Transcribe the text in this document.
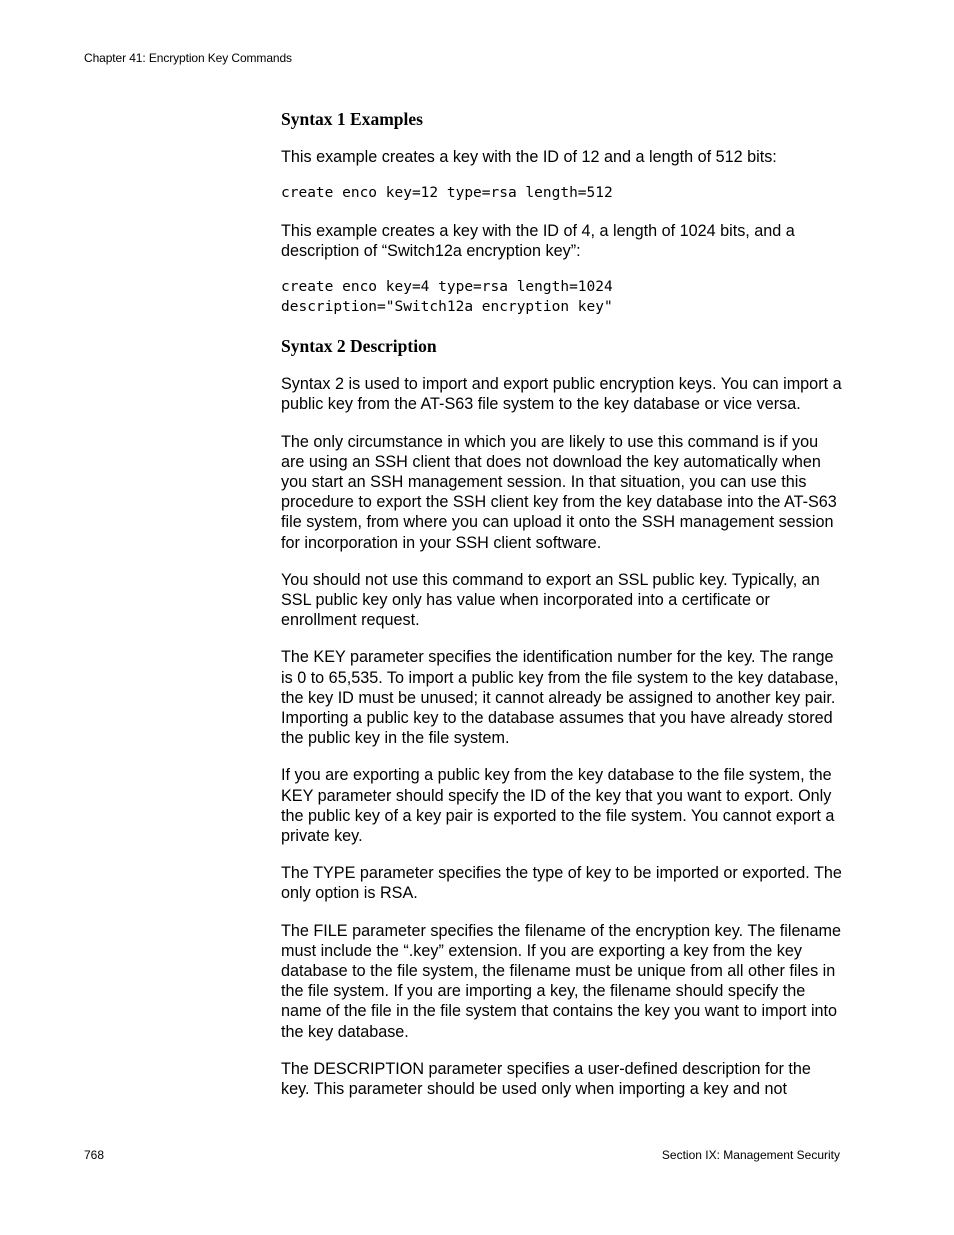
Chapter 41: Encryption Key Commands
Syntax 1 Examples

This example creates a key with the ID of 12 and a length of 512 bits:

create enco key=12 type=rsa length=512

This example creates a key with the ID of 4, a length of 1024 bits, and a description of “Switch12a encryption key”:

create enco key=4 type=rsa length=1024
description="Switch12a encryption key"
Syntax 2 Description

Syntax 2 is used to import and export public encryption keys. You can import a public key from the AT-S63 file system to the key database or vice versa.

The only circumstance in which you are likely to use this command is if you are using an SSH client that does not download the key automatically when you start an SSH management session. In that situation, you can use this procedure to export the SSH client key from the key database into the AT-S63 file system, from where you can upload it onto the SSH management session for incorporation in your SSH client software.

You should not use this command to export an SSL public key. Typically, an SSL public key only has value when incorporated into a certificate or enrollment request.

The KEY parameter specifies the identification number for the key. The range is 0 to 65,535. To import a public key from the file system to the key database, the key ID must be unused; it cannot already be assigned to another key pair. Importing a public key to the database assumes that you have already stored the public key in the file system.

If you are exporting a public key from the key database to the file system, the KEY parameter should specify the ID of the key that you want to export. Only the public key of a key pair is exported to the file system. You cannot export a private key.

The TYPE parameter specifies the type of key to be imported or exported. The only option is RSA.

The FILE parameter specifies the filename of the encryption key. The filename must include the “.key” extension. If you are exporting a key from the key database to the file system, the filename must be unique from all other files in the file system. If you are importing a key, the filename should specify the name of the file in the file system that contains the key you want to import into the key database.

The DESCRIPTION parameter specifies a user-defined description for the key. This parameter should be used only when importing a key and not

768	Section IX: Management Security
